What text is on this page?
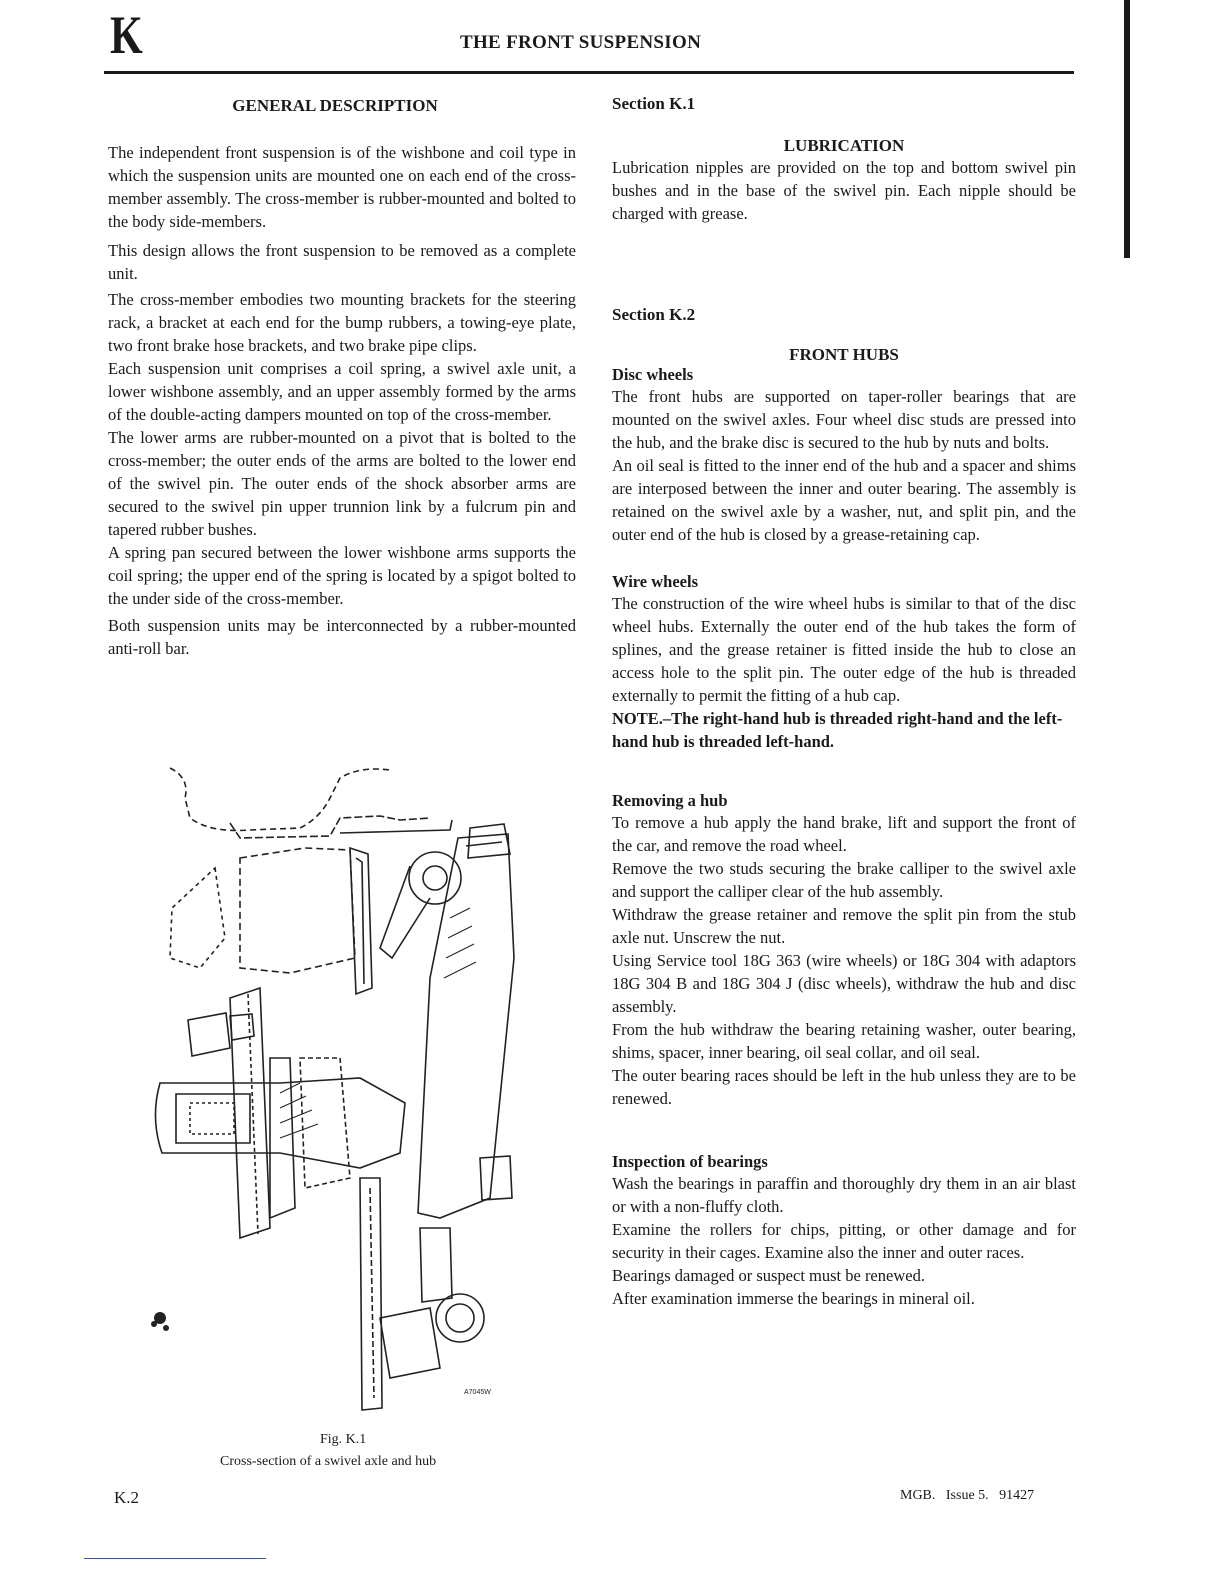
K	THE FRONT SUSPENSION
GENERAL DESCRIPTION

The independent front suspension is of the wishbone and coil type in which the suspension units are mounted one on each end of the cross-member assembly. The cross-member is rubber-mounted and bolted to the body side-members.

This design allows the front suspension to be removed as a complete unit.

The cross-member embodies two mounting brackets for the steering rack, a bracket at each end for the bump rubbers, a towing-eye plate, two front brake hose brackets, and two brake pipe clips.

Each suspension unit comprises a coil spring, a swivel axle unit, a lower wishbone assembly, and an upper assembly formed by the arms of the double-acting dampers mounted on top of the cross-member.

The lower arms are rubber-mounted on a pivot that is bolted to the cross-member; the outer ends of the arms are bolted to the lower end of the swivel pin. The outer ends of the shock absorber arms are secured to the swivel pin upper trunnion link by a fulcrum pin and tapered rubber bushes.

A spring pan secured between the lower wishbone arms supports the coil spring; the upper end of the spring is located by a spigot bolted to the under side of the cross-member.

Both suspension units may be interconnected by a rubber-mounted anti-roll bar.

A7045W
Fig. K.1
Cross-section of a swivel axle and hub
Section K.1
LUBRICATION

Lubrication nipples are provided on the top and bottom swivel pin bushes and in the base of the swivel pin. Each nipple should be charged with grease.

Section K.2
FRONT HUBS
Disc wheels

The front hubs are supported on taper-roller bearings that are mounted on the swivel axles. Four wheel disc studs are pressed into the hub, and the brake disc is secured to the hub by nuts and bolts.

An oil seal is fitted to the inner end of the hub and a spacer and shims are interposed between the inner and outer bearing. The assembly is retained on the swivel axle by a washer, nut, and split pin, and the outer end of the hub is closed by a grease-retaining cap.

Wire wheels

The construction of the wire wheel hubs is similar to that of the disc wheel hubs. Externally the outer end of the hub takes the form of splines, and the grease retainer is fitted inside the hub to close an access hole to the split pin. The outer edge of the hub is threaded externally to permit the fitting of a hub cap.

NOTE.–The right-hand hub is threaded right-hand and the left-hand hub is threaded left-hand.
Removing a hub

To remove a hub apply the hand brake, lift and support the front of the car, and remove the road wheel.

Remove the two studs securing the brake calliper to the swivel axle and support the calliper clear of the hub assembly.

Withdraw the grease retainer and remove the split pin from the stub axle nut. Unscrew the nut.

Using Service tool 18G 363 (wire wheels) or 18G 304 with adaptors 18G 304 B and 18G 304 J (disc wheels), withdraw the hub and disc assembly.

From the hub withdraw the bearing retaining washer, outer bearing, shims, spacer, inner bearing, oil seal collar, and oil seal.

The outer bearing races should be left in the hub unless they are to be renewed.

Inspection of bearings

Wash the bearings in paraffin and thoroughly dry them in an air blast or with a non-fluffy cloth.

Examine the rollers for chips, pitting, or other damage and for security in their cages. Examine also the inner and outer races.

Bearings damaged or suspect must be renewed.

After examination immerse the bearings in mineral oil.

K.2	MGB.   Issue 5.   91427
